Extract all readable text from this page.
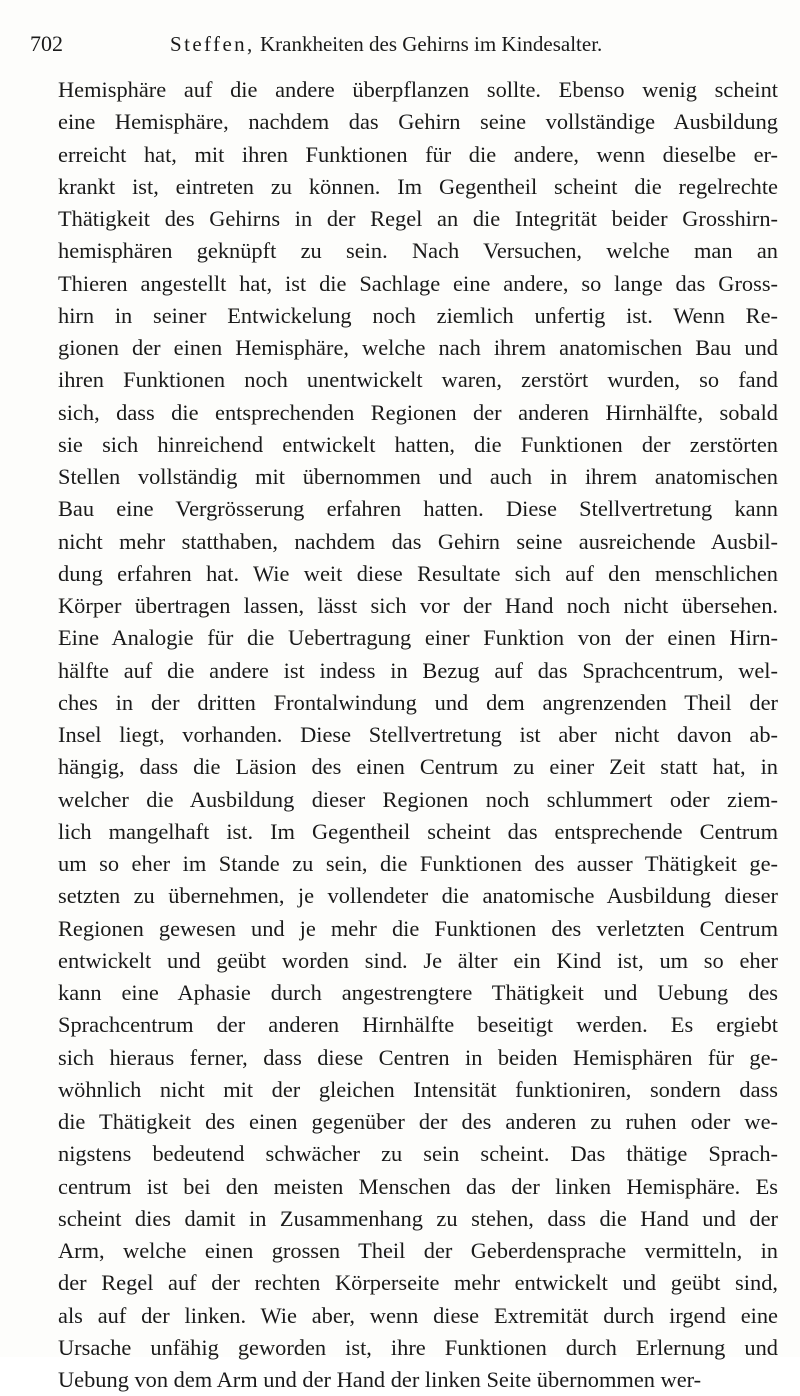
702	Steffen, Krankheiten des Gehirns im Kindesalter.
Hemisphäre auf die andere überpflanzen sollte. Ebenso wenig scheint
eine Hemisphäre, nachdem das Gehirn seine vollständige Ausbildung
erreicht hat, mit ihren Funktionen für die andere, wenn dieselbe er-
krankt ist, eintreten zu können. Im Gegentheil scheint die regelrechte
Thätigkeit des Gehirns in der Regel an die Integrität beider Grosshirn-
hemisphären geknüpft zu sein. Nach Versuchen, welche man an
Thieren angestellt hat, ist die Sachlage eine andere, so lange das Gross-
hirn in seiner Entwickelung noch ziemlich unfertig ist. Wenn Re-
gionen der einen Hemisphäre, welche nach ihrem anatomischen Bau und
ihren Funktionen noch unentwickelt waren, zerstört wurden, so fand
sich, dass die entsprechenden Regionen der anderen Hirnhälfte, sobald
sie sich hinreichend entwickelt hatten, die Funktionen der zerstörten
Stellen vollständig mit übernommen und auch in ihrem anatomischen
Bau eine Vergrösserung erfahren hatten. Diese Stellvertretung kann
nicht mehr statthaben, nachdem das Gehirn seine ausreichende Ausbil-
dung erfahren hat. Wie weit diese Resultate sich auf den menschlichen
Körper übertragen lassen, lässt sich vor der Hand noch nicht übersehen.
Eine Analogie für die Uebertragung einer Funktion von der einen Hirn-
hälfte auf die andere ist indess in Bezug auf das Sprachcentrum, wel-
ches in der dritten Frontalwindung und dem angrenzenden Theil der
Insel liegt, vorhanden. Diese Stellvertretung ist aber nicht davon ab-
hängig, dass die Läsion des einen Centrum zu einer Zeit statt hat, in
welcher die Ausbildung dieser Regionen noch schlummert oder ziem-
lich mangelhaft ist. Im Gegentheil scheint das entsprechende Centrum
um so eher im Stande zu sein, die Funktionen des ausser Thätigkeit ge-
setzten zu übernehmen, je vollendeter die anatomische Ausbildung dieser
Regionen gewesen und je mehr die Funktionen des verletzten Centrum
entwickelt und geübt worden sind. Je älter ein Kind ist, um so eher
kann eine Aphasie durch angestrengtere Thätigkeit und Uebung des
Sprachcentrum der anderen Hirnhälfte beseitigt werden. Es ergiebt
sich hieraus ferner, dass diese Centren in beiden Hemisphären für ge-
wöhnlich nicht mit der gleichen Intensität funktioniren, sondern dass
die Thätigkeit des einen gegenüber der des anderen zu ruhen oder we-
nigstens bedeutend schwächer zu sein scheint. Das thätige Sprach-
centrum ist bei den meisten Menschen das der linken Hemisphäre. Es
scheint dies damit in Zusammenhang zu stehen, dass die Hand und der
Arm, welche einen grossen Theil der Geberdensprache vermitteln, in
der Regel auf der rechten Körperseite mehr entwickelt und geübt sind,
als auf der linken. Wie aber, wenn diese Extremität durch irgend eine
Ursache unfähig geworden ist, ihre Funktionen durch Erlernung und
Uebung von dem Arm und der Hand der linken Seite übernommen wer-
